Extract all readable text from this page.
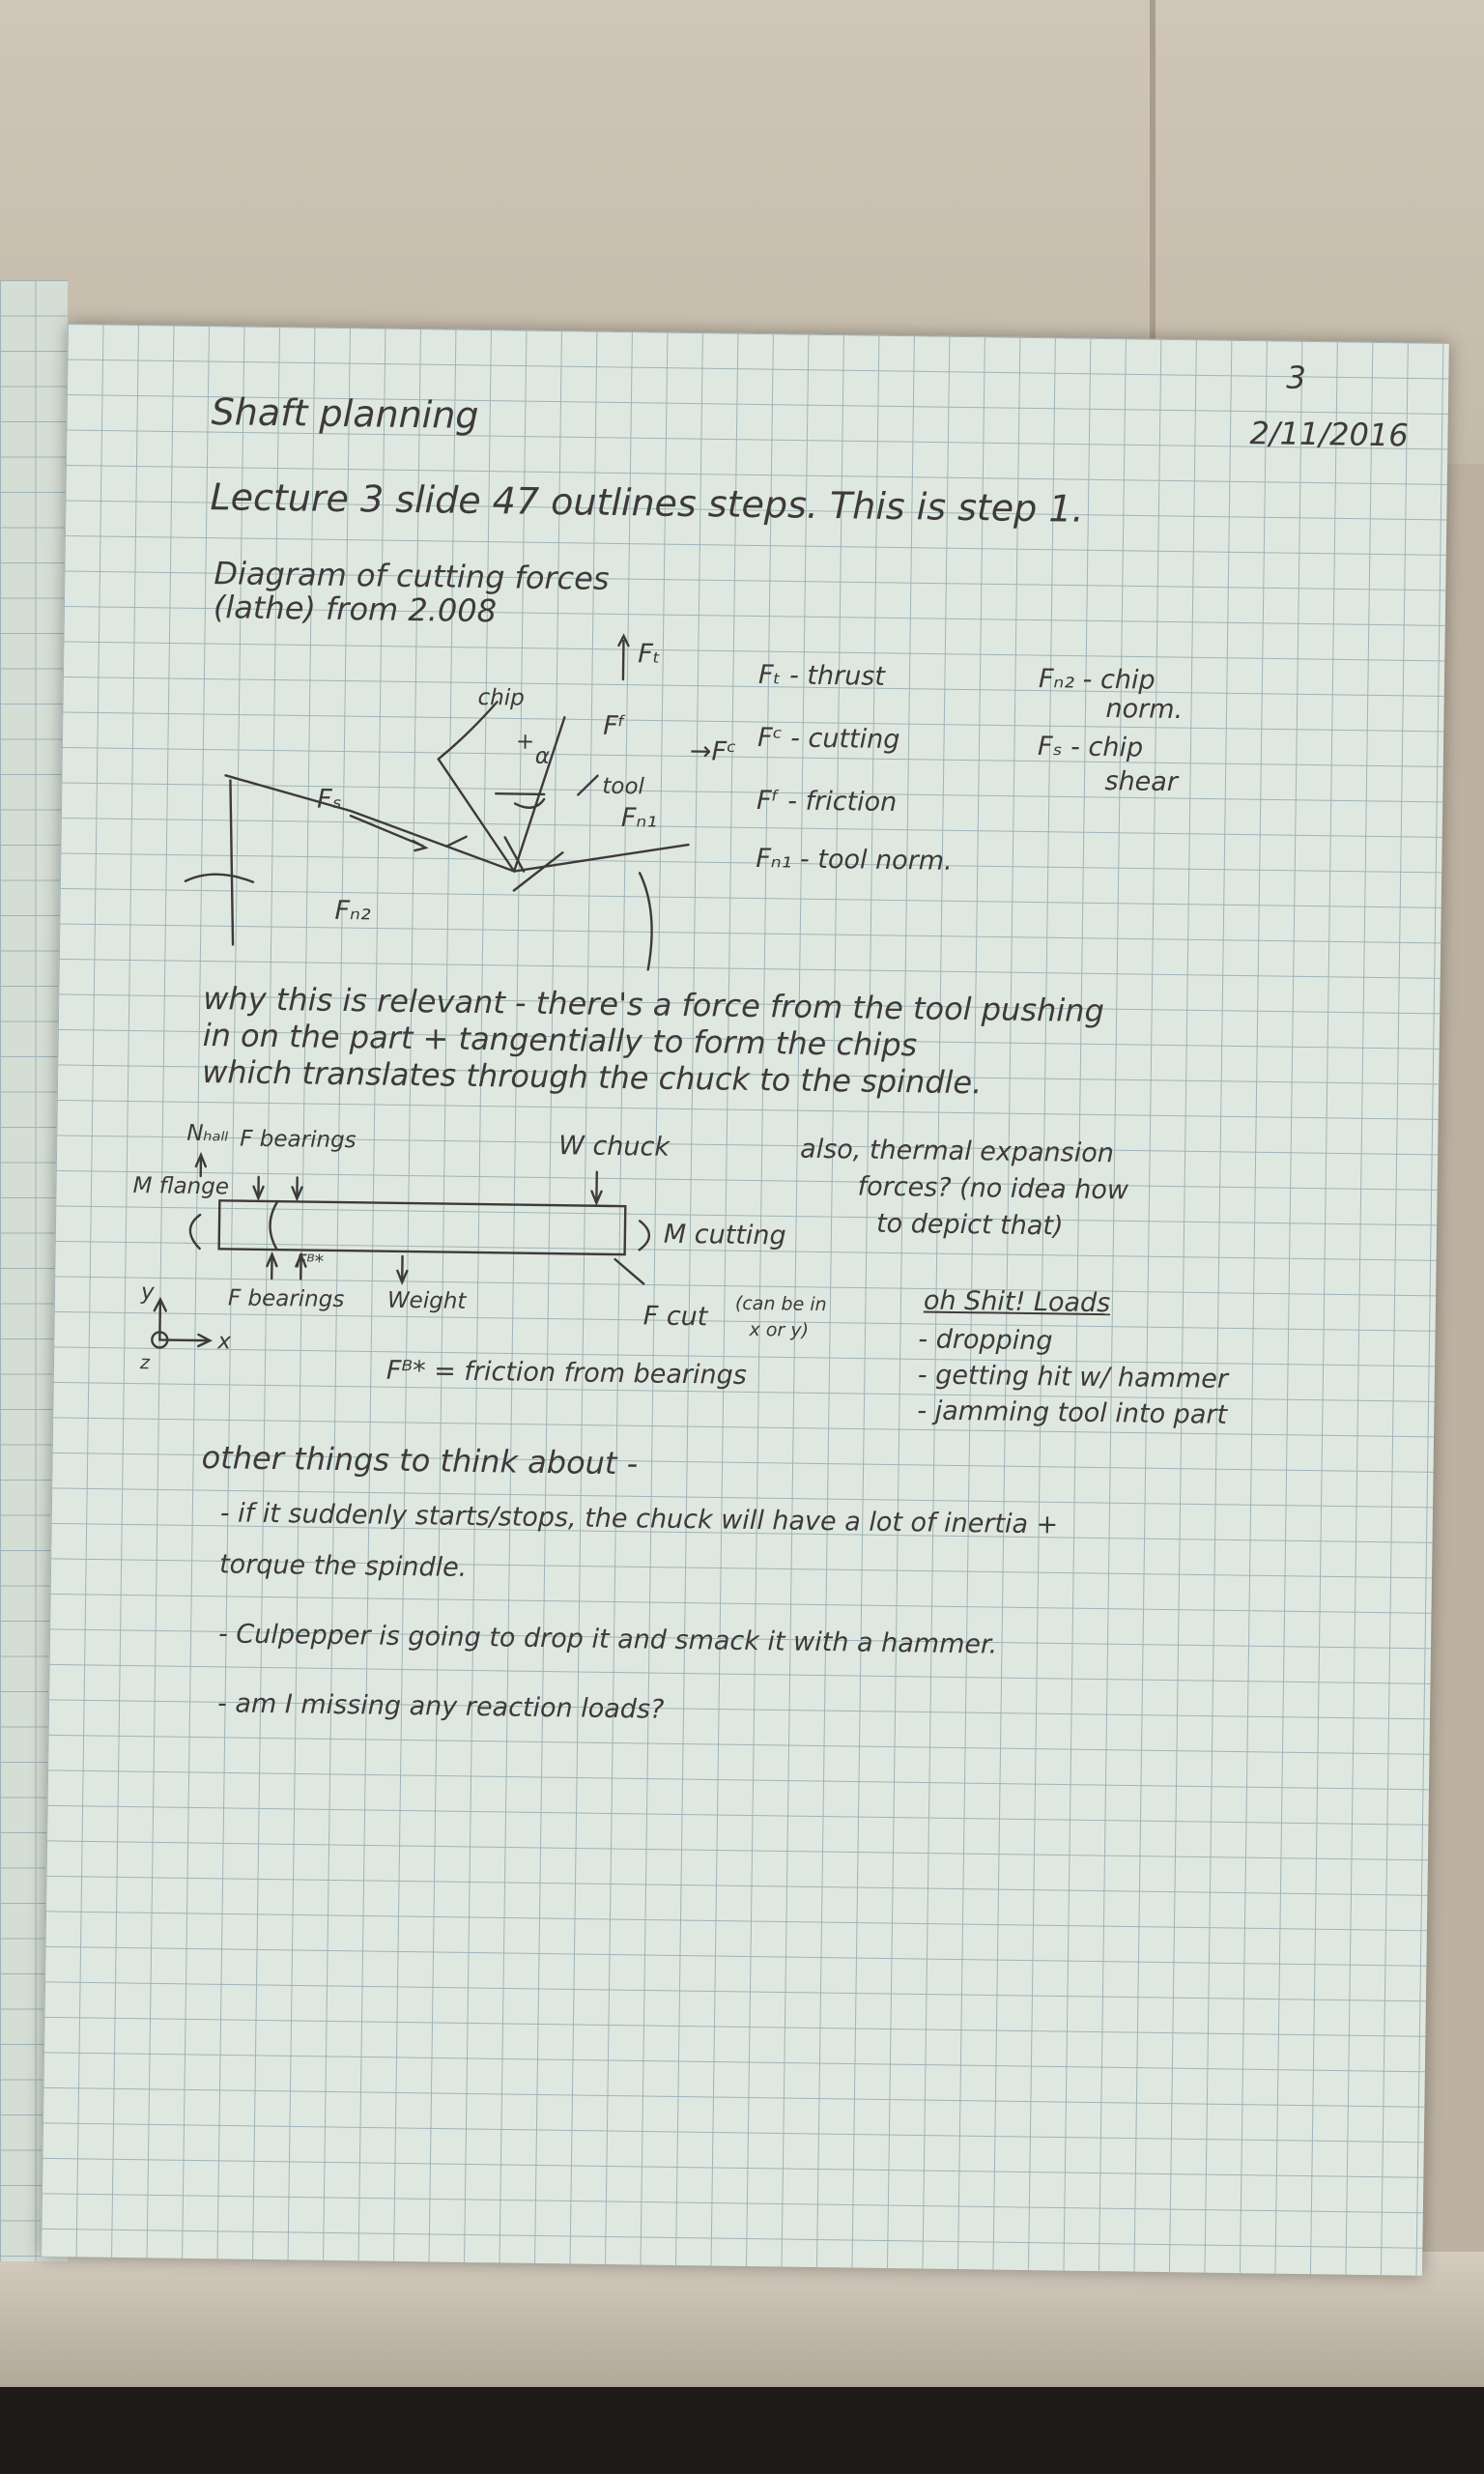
3
2/11/2016
Shaft planning
Lecture 3 slide 47 outlines steps. This is step 1.
Diagram of cutting forces
(lathe) from 2.008
chip
Fₜ
Fᶠ
→Fᶜ
Fₛ
α
+
tool
Fₙ₁
Fₙ₂
Fₜ - thrust
Fᶜ - cutting
Fᶠ - friction
Fₙ₁ - tool norm.
Fₙ₂ - chip
norm.
Fₛ - chip
shear
why this is relevant - there's a force from the tool pushing
in on the part + tangentially to form the chips
which translates through the chuck to the spindle.
Nₕₐₗₗ F bearings	W chuck
M flange
Fᴮ*
F bearings Weight
M cutting
F cut (can be in
x or y)
y
x
z	Fᴮ* = friction from bearings
also, thermal expansion
forces? (no idea how
to depict that)
oh Shit! Loads
- dropping
- getting hit w/ hammer
- jamming tool into part
other things to think about -
- if it suddenly starts/stops, the chuck will have a lot of inertia +
torque the spindle.
- Culpepper is going to drop it and smack it with a hammer.
- am I missing any reaction loads?
